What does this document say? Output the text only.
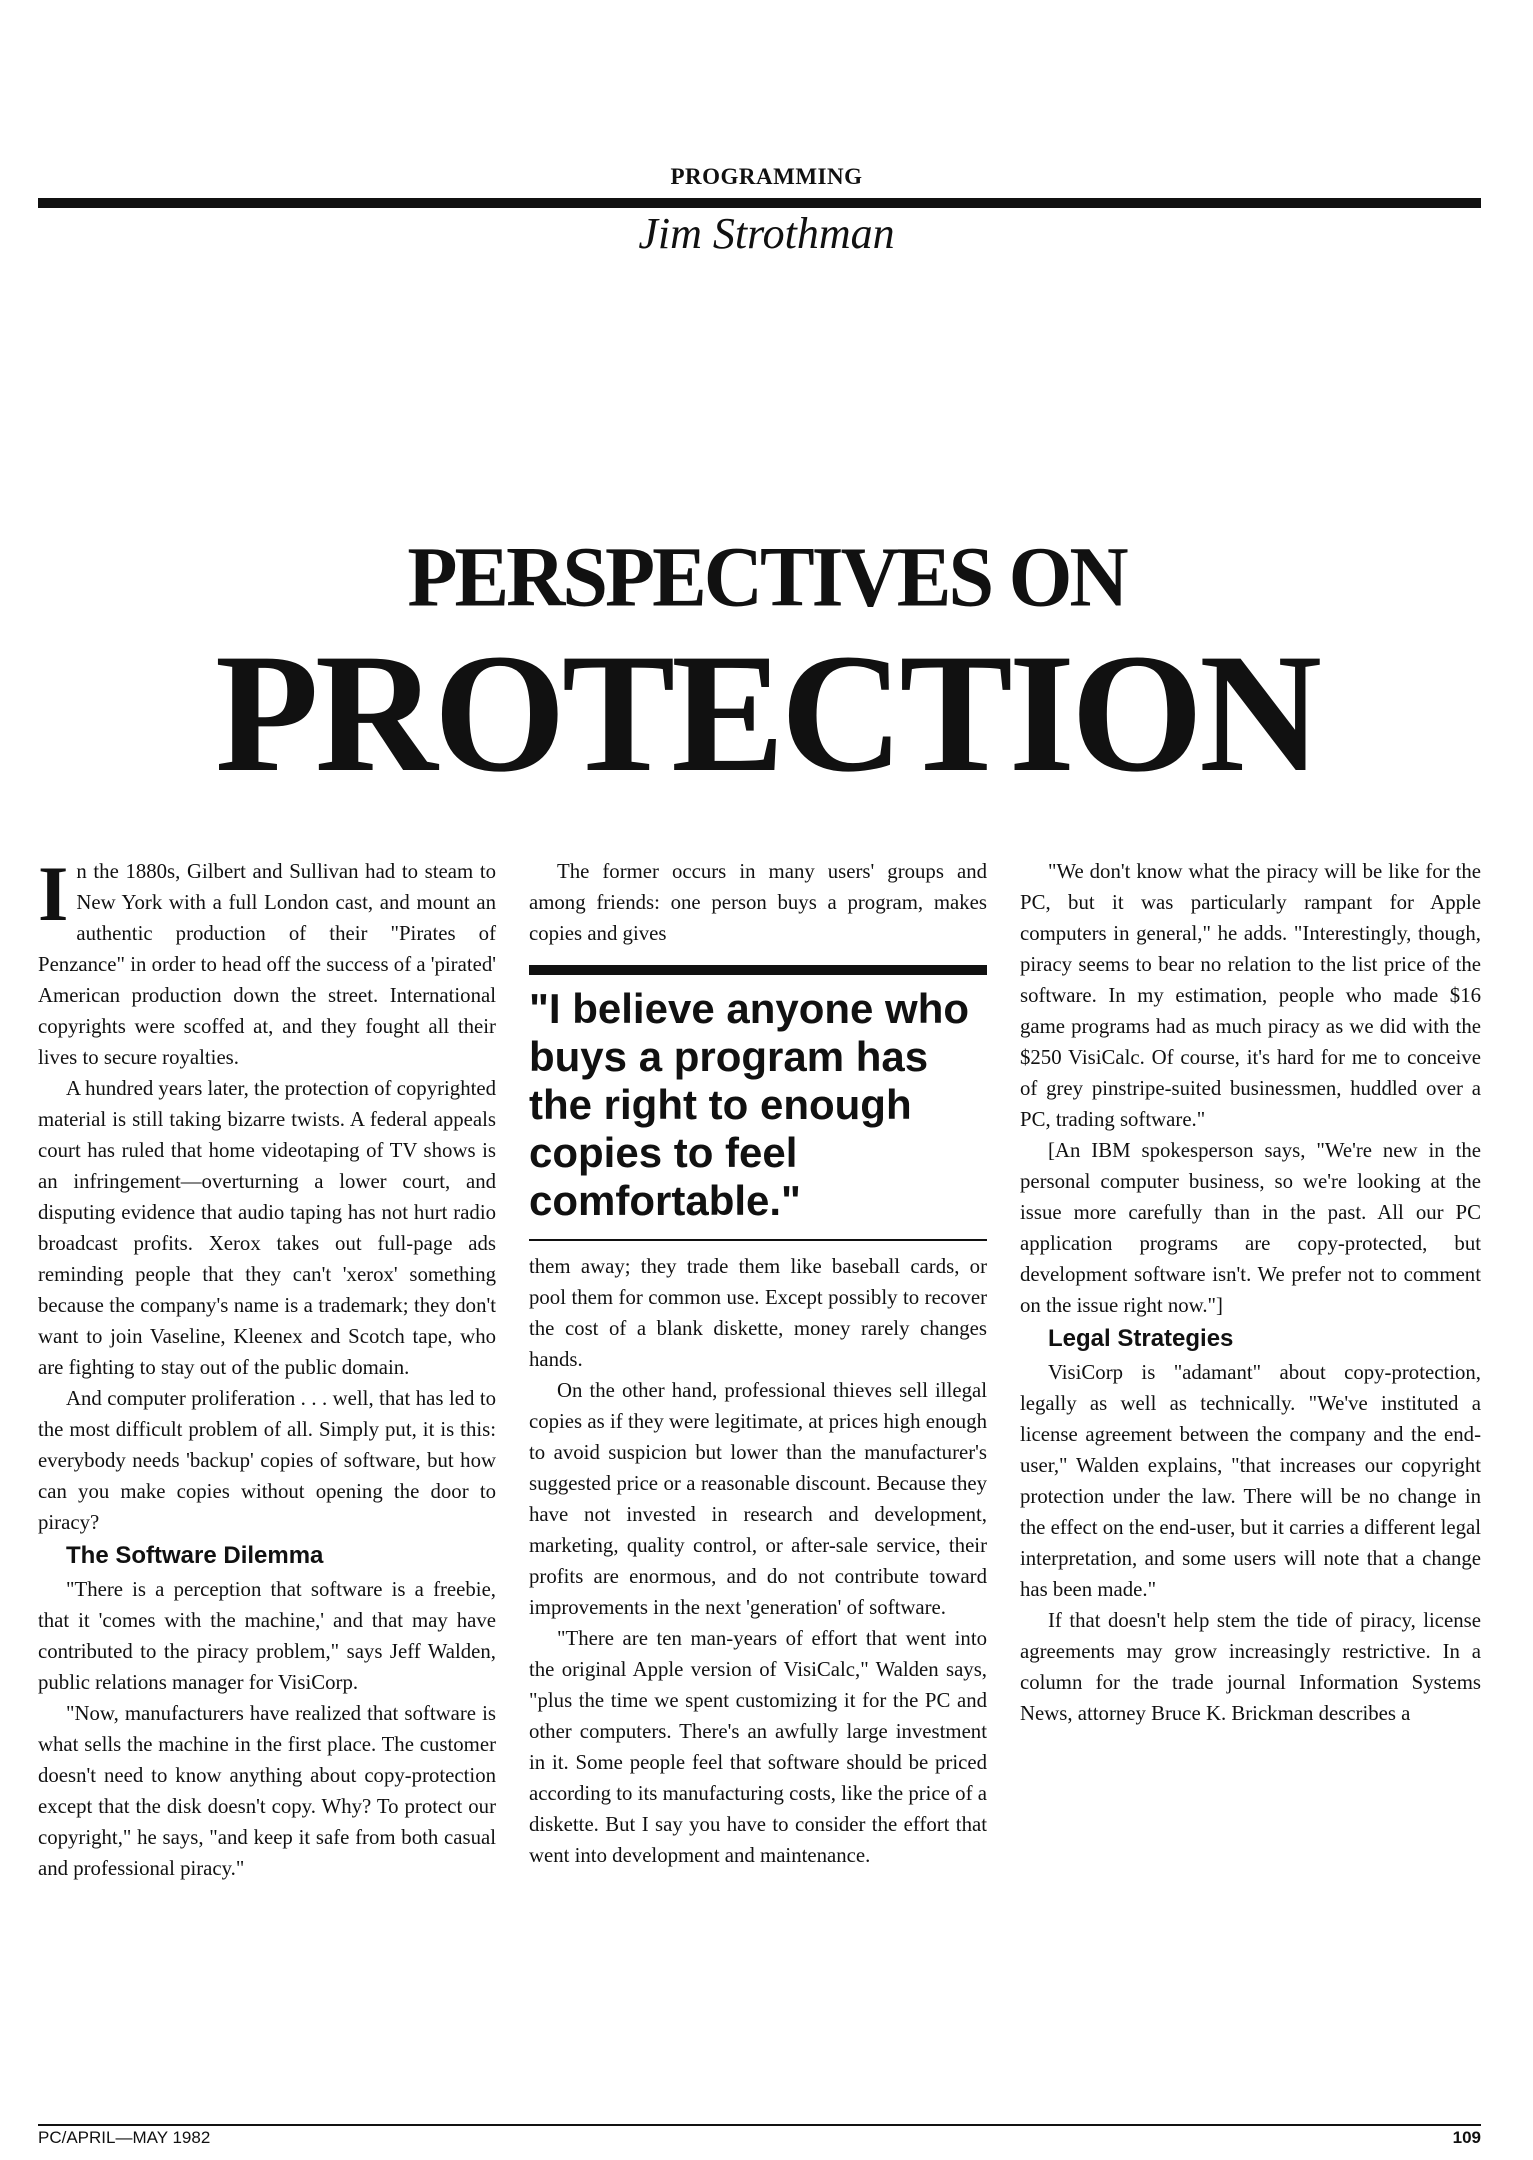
PROGRAMMING
Jim Strothman
PERSPECTIVES ON
PROTECTION

In the 1880s, Gilbert and Sullivan had to steam to New York with a full London cast, and mount an authentic production of their "Pirates of Penzance" in order to head off the success of a 'pirated' American production down the street. International copyrights were scoffed at, and they fought all their lives to secure royalties.

A hundred years later, the protection of copyrighted material is still taking bizarre twists. A federal appeals court has ruled that home videotaping of TV shows is an infringement—overturning a lower court, and disputing evidence that audio taping has not hurt radio broadcast profits. Xerox takes out full-page ads reminding people that they can't 'xerox' something because the company's name is a trademark; they don't want to join Vaseline, Kleenex and Scotch tape, who are fighting to stay out of the public domain.

And computer proliferation . . . well, that has led to the most difficult problem of all. Simply put, it is this: everybody needs 'backup' copies of software, but how can you make copies without opening the door to piracy?

The Software Dilemma

"There is a perception that software is a freebie, that it 'comes with the machine,' and that may have contributed to the piracy problem," says Jeff Walden, public relations manager for VisiCorp.

"Now, manufacturers have realized that software is what sells the machine in the first place. The customer doesn't need to know anything about copy-protection except that the disk doesn't copy. Why? To protect our copyright," he says, "and keep it safe from both casual and professional piracy."

The former occurs in many users' groups and among friends: one person buys a program, makes copies and gives

"I believe anyone who buys a program has the right to enough copies to feel comfortable."

them away; they trade them like baseball cards, or pool them for common use. Except possibly to recover the cost of a blank diskette, money rarely changes hands.

On the other hand, professional thieves sell illegal copies as if they were legitimate, at prices high enough to avoid suspicion but lower than the manufacturer's suggested price or a reasonable discount. Because they have not invested in research and development, marketing, quality control, or after-sale service, their profits are enormous, and do not contribute toward improvements in the next 'generation' of software.

"There are ten man-years of effort that went into the original Apple version of VisiCalc," Walden says, "plus the time we spent customizing it for the PC and other computers. There's an awfully large investment in it. Some people feel that software should be priced according to its manufacturing costs, like the price of a diskette. But I say you have to consider the effort that went into development and maintenance.

"We don't know what the piracy will be like for the PC, but it was particularly rampant for Apple computers in general," he adds. "Interestingly, though, piracy seems to bear no relation to the list price of the software. In my estimation, people who made $16 game programs had as much piracy as we did with the $250 VisiCalc. Of course, it's hard for me to conceive of grey pinstripe-suited businessmen, huddled over a PC, trading software."

[An IBM spokesperson says, "We're new in the personal computer business, so we're looking at the issue more carefully than in the past. All our PC application programs are copy-protected, but development software isn't. We prefer not to comment on the issue right now."]

Legal Strategies

VisiCorp is "adamant" about copy-protection, legally as well as technically. "We've instituted a license agreement between the company and the end-user," Walden explains, "that increases our copyright protection under the law. There will be no change in the effect on the end-user, but it carries a different legal interpretation, and some users will note that a change has been made."

If that doesn't help stem the tide of piracy, license agreements may grow increasingly restrictive. In a column for the trade journal Information Systems News, attorney Bruce K. Brickman describes a

PC/APRIL—MAY 1982	109
